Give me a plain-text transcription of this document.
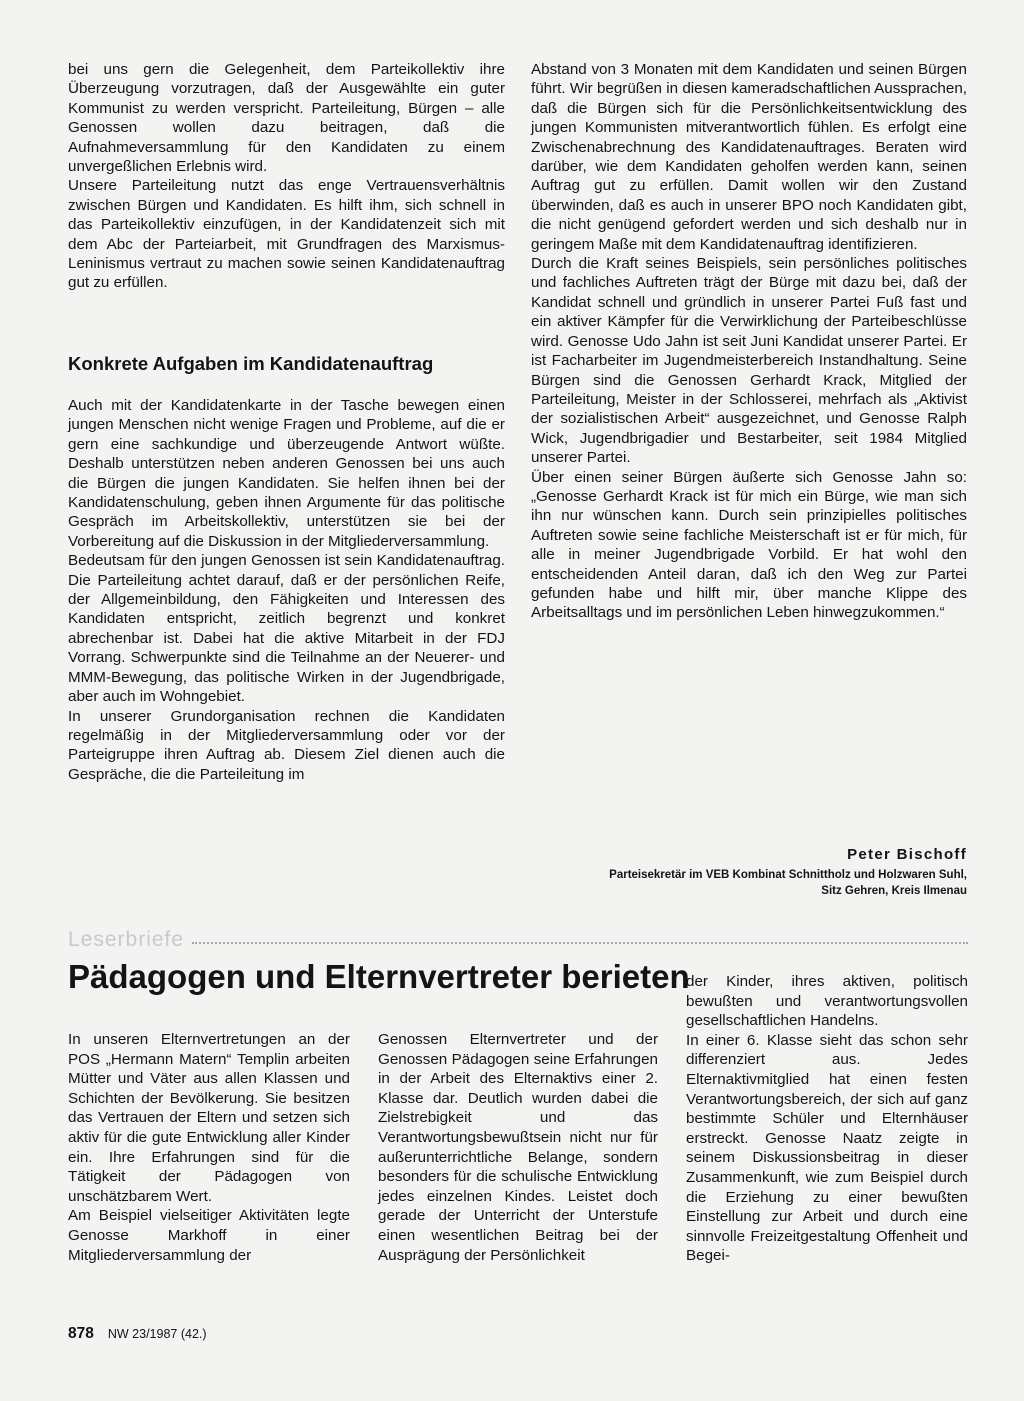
bei uns gern die Gelegenheit, dem Parteikollektiv ihre Überzeugung vorzutragen, daß der Ausgewählte ein guter Kommunist zu werden verspricht. Parteileitung, Bürgen – alle Genossen wollen dazu beitragen, daß die Aufnahmeversammlung für den Kandidaten zu einem unvergeßlichen Erlebnis wird.

Unsere Parteileitung nutzt das enge Vertrauensverhältnis zwischen Bürgen und Kandidaten. Es hilft ihm, sich schnell in das Parteikollektiv einzufügen, in der Kandidatenzeit sich mit dem Abc der Parteiarbeit, mit Grundfragen des Marxismus-Leninismus vertraut zu machen sowie seinen Kandidatenauftrag gut zu erfüllen.

Konkrete Aufgaben im Kandidatenauftrag

Auch mit der Kandidatenkarte in der Tasche bewegen einen jungen Menschen nicht wenige Fragen und Probleme, auf die er gern eine sachkundige und überzeugende Antwort wüßte. Deshalb unterstützen neben anderen Genossen bei uns auch die Bürgen die jungen Kandidaten. Sie helfen ihnen bei der Kandidatenschulung, geben ihnen Argumente für das politische Gespräch im Arbeitskollektiv, unterstützen sie bei der Vorbereitung auf die Diskussion in der Mitgliederversammlung.

Bedeutsam für den jungen Genossen ist sein Kandidatenauftrag. Die Parteileitung achtet darauf, daß er der persönlichen Reife, der Allgemeinbildung, den Fähigkeiten und Interessen des Kandidaten entspricht, zeitlich begrenzt und konkret abrechenbar ist. Dabei hat die aktive Mitarbeit in der FDJ Vorrang. Schwerpunkte sind die Teilnahme an der Neuerer- und MMM-Bewegung, das politische Wirken in der Jugendbrigade, aber auch im Wohngebiet.

In unserer Grundorganisation rechnen die Kandidaten regelmäßig in der Mitgliederversammlung oder vor der Parteigruppe ihren Auftrag ab. Diesem Ziel dienen auch die Gespräche, die die Parteileitung im

Abstand von 3 Monaten mit dem Kandidaten und seinen Bürgen führt. Wir begrüßen in diesen kameradschaftlichen Aussprachen, daß die Bürgen sich für die Persönlichkeitsentwicklung des jungen Kommunisten mitverantwortlich fühlen. Es erfolgt eine Zwischenabrechnung des Kandidatenauftrages. Beraten wird darüber, wie dem Kandidaten geholfen werden kann, seinen Auftrag gut zu erfüllen. Damit wollen wir den Zustand überwinden, daß es auch in unserer BPO noch Kandidaten gibt, die nicht genügend gefordert werden und sich deshalb nur in geringem Maße mit dem Kandidatenauftrag identifizieren.

Durch die Kraft seines Beispiels, sein persönliches politisches und fachliches Auftreten trägt der Bürge mit dazu bei, daß der Kandidat schnell und gründlich in unserer Partei Fuß fast und ein aktiver Kämpfer für die Verwirklichung der Parteibeschlüsse wird. Genosse Udo Jahn ist seit Juni Kandidat unserer Partei. Er ist Facharbeiter im Jugendmeisterbereich Instandhaltung. Seine Bürgen sind die Genossen Gerhardt Krack, Mitglied der Parteileitung, Meister in der Schlosserei, mehrfach als „Aktivist der sozialistischen Arbeit“ ausgezeichnet, und Genosse Ralph Wick, Jugendbrigadier und Bestarbeiter, seit 1984 Mitglied unserer Partei.

Über einen seiner Bürgen äußerte sich Genosse Jahn so: „Genosse Gerhardt Krack ist für mich ein Bürge, wie man sich ihn nur wünschen kann. Durch sein prinzipielles politisches Auftreten sowie seine fachliche Meisterschaft ist er für mich, für alle in meiner Jugendbrigade Vorbild. Er hat wohl den entscheidenden Anteil daran, daß ich den Weg zur Partei gefunden habe und hilft mir, über manche Klippe des Arbeitsalltags und im persönlichen Leben hinwegzukommen.“

Peter Bischoff
Parteisekretär im VEB Kombinat Schnittholz und Holzwaren Suhl,
Sitz Gehren, Kreis Ilmenau
Leserbriefe
Pädagogen und Elternvertreter berieten

In unseren Elternvertretungen an der POS „Hermann Matern“ Templin arbeiten Mütter und Väter aus allen Klassen und Schichten der Bevölkerung. Sie besitzen das Vertrauen der Eltern und setzen sich aktiv für die gute Entwicklung aller Kinder ein. Ihre Erfahrungen sind für die Tätigkeit der Pädagogen von unschätzbarem Wert.

Am Beispiel vielseitiger Aktivitäten legte Genosse Markhoff in einer Mitgliederversammlung der

Genossen Elternvertreter und der Genossen Pädagogen seine Erfahrungen in der Arbeit des Elternaktivs einer 2. Klasse dar. Deutlich wurden dabei die Zielstrebigkeit und das Verantwortungsbewußtsein nicht nur für außerunterrichtliche Belange, sondern besonders für die schulische Entwicklung jedes einzelnen Kindes. Leistet doch gerade der Unterricht der Unterstufe einen wesentlichen Beitrag bei der Ausprägung der Persönlichkeit

der Kinder, ihres aktiven, politisch bewußten und verantwortungsvollen gesellschaftlichen Handelns.

In einer 6. Klasse sieht das schon sehr differenziert aus. Jedes Elternaktivmitglied hat einen festen Verantwortungsbereich, der sich auf ganz bestimmte Schüler und Elternhäuser erstreckt. Genosse Naatz zeigte in seinem Diskussionsbeitrag in dieser Zusammenkunft, wie zum Beispiel durch die Erziehung zu einer bewußten Einstellung zur Arbeit und durch eine sinnvolle Freizeitgestaltung Offenheit und Begei-

878 NW 23/1987 (42.)
